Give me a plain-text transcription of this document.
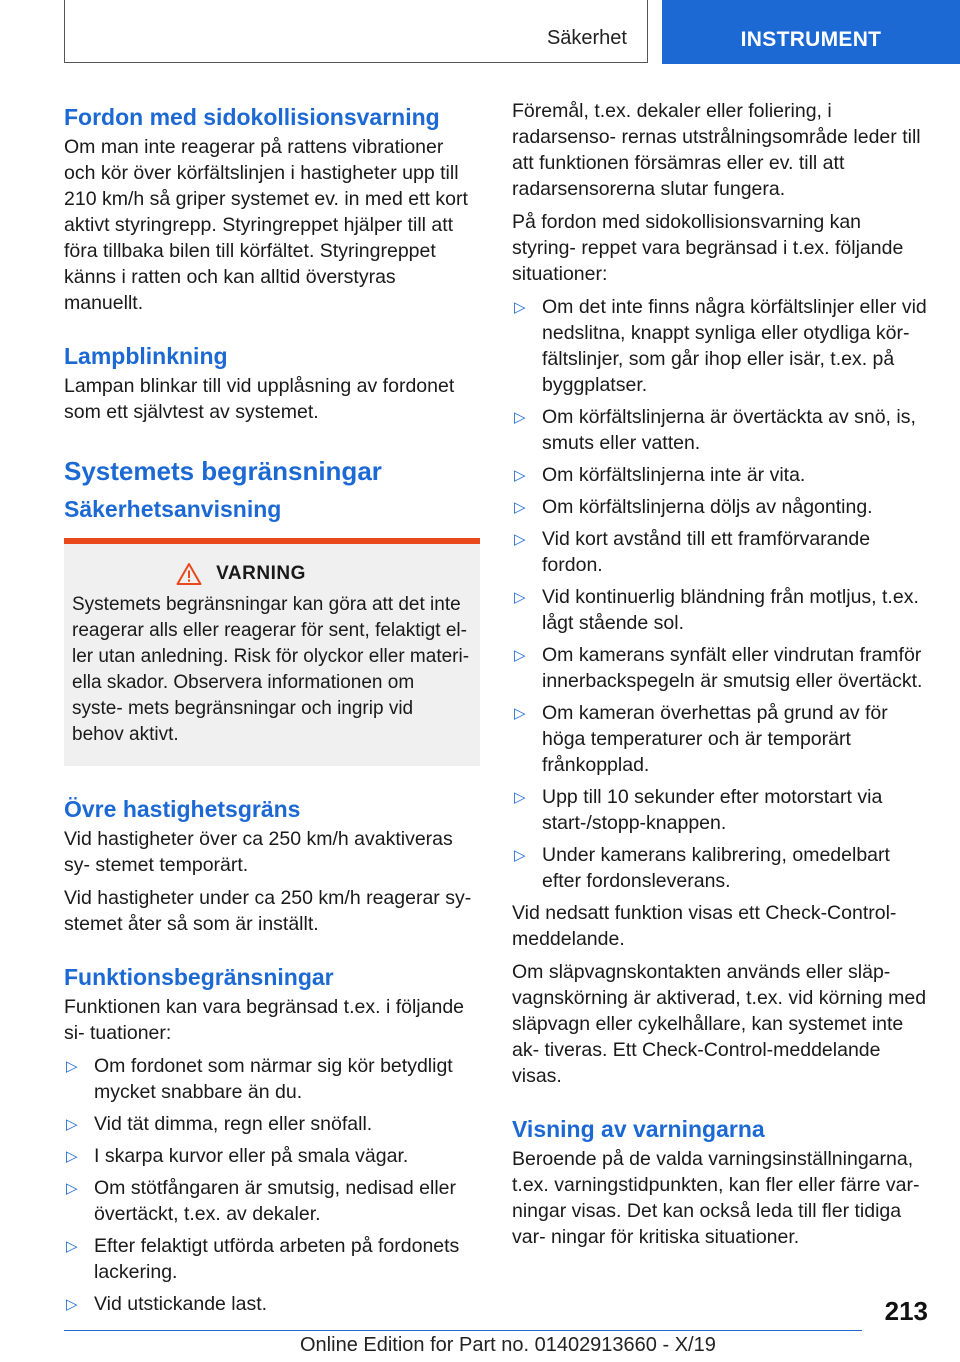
Säkerhet	INSTRUMENT
Fordon med sidokollisionsvarning

Om man inte reagerar på rattens vibrationer och kör över körfältslinjen i hastigheter upp till 210 km/h så griper systemet ev. in med ett kort aktivt styringrepp. Styringreppet hjälper till att föra tillbaka bilen till körfältet. Styringreppet känns i ratten och kan alltid överstyras manuellt.

Lampblinkning

Lampan blinkar till vid upplåsning av fordonet som ett självtest av systemet.

Systemets begränsningar
Säkerhetsanvisning
VARNING

Systemets begränsningar kan göra att det inte reagerar alls eller reagerar för sent, felaktigt el- ler utan anledning. Risk för olyckor eller materi- ella skador. Observera informationen om syste- mets begränsningar och ingrip vid behov aktivt.

Övre hastighetsgräns

Vid hastigheter över ca 250 km/h avaktiveras sy- stemet temporärt.

Vid hastigheter under ca 250 km/h reagerar sy- stemet åter så som är inställt.

Funktionsbegränsningar

Funktionen kan vara begränsad t.ex. i följande si- tuationer:

▷ Om fordonet som närmar sig kör betydligt mycket snabbare än du.
▷ Vid tät dimma, regn eller snöfall.
▷ I skarpa kurvor eller på smala vägar.
▷ Om stötfångaren är smutsig, nedisad eller övertäckt, t.ex. av dekaler.
▷ Efter felaktigt utförda arbeten på fordonets lackering.
▷ Vid utstickande last.

Föremål, t.ex. dekaler eller foliering, i radarsenso- rernas utstrålningsområde leder till att funktionen försämras eller ev. till att radarsensorerna slutar fungera.

På fordon med sidokollisionsvarning kan styring- reppet vara begränsad i t.ex. följande situationer:

▷ Om det inte finns några körfältslinjer eller vid nedslitna, knappt synliga eller otydliga kör- fältslinjer, som går ihop eller isär, t.ex. på byggplatser.
▷ Om körfältslinjerna är övertäckta av snö, is, smuts eller vatten.
▷ Om körfältslinjerna inte är vita.
▷ Om körfältslinjerna döljs av någonting.
▷ Vid kort avstånd till ett framförvarande fordon.
▷ Vid kontinuerlig bländning från motljus, t.ex. lågt stående sol.
▷ Om kamerans synfält eller vindrutan framför innerbackspegeln är smutsig eller övertäckt.
▷ Om kameran överhettas på grund av för höga temperaturer och är temporärt frånkopplad.
▷ Upp till 10 sekunder efter motorstart via start-/stopp-knappen.
▷ Under kamerans kalibrering, omedelbart efter fordonsleverans.

Vid nedsatt funktion visas ett Check-Control- meddelande.

Om släpvagnskontakten används eller släp- vagnskörning är aktiverad, t.ex. vid körning med släpvagn eller cykelhållare, kan systemet inte ak- tiveras. Ett Check-Control-meddelande visas.

Visning av varningarna

Beroende på de valda varningsinställningarna, t.ex. varningstidpunkten, kan fler eller färre var- ningar visas. Det kan också leda till fler tidiga var- ningar för kritiska situationer.

213
Online Edition for Part no. 01402913660 - X/19
